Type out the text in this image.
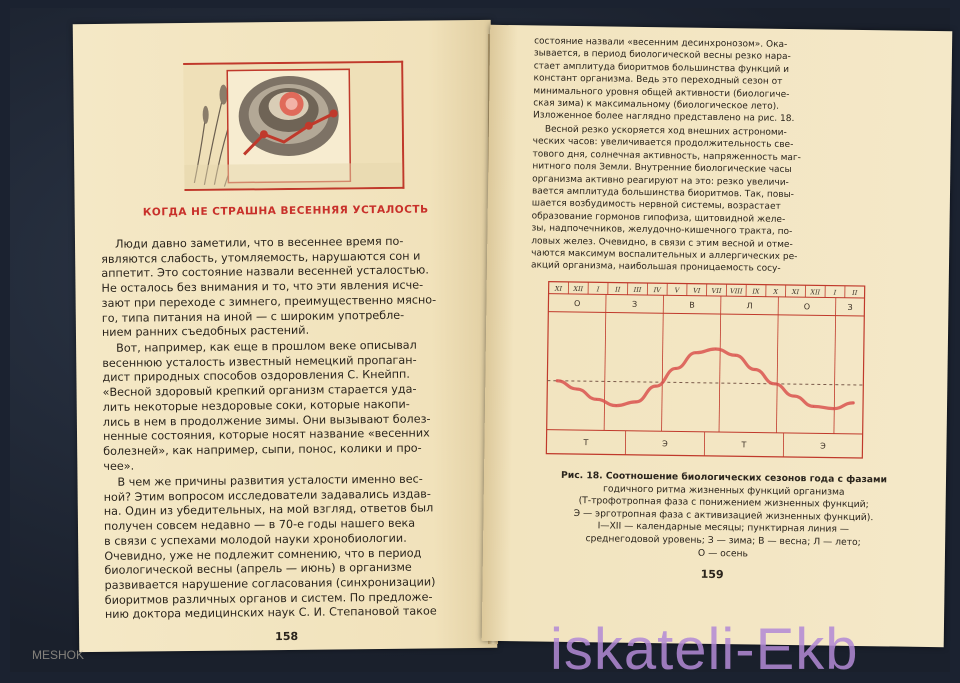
КОГДА НЕ СТРАШНА ВЕСЕННЯЯ УСТАЛОСТЬ
Люди давно заметили, что в весеннее время по-
являются слабость, утомляемость, нарушаются сон и
аппетит. Это состояние назвали весенней усталостью.
Не осталось без внимания и то, что эти явления исче-
зают при переходе с зимнего, преимущественно мясно-
го, типа питания на иной — с широким употребле-
нием ранних съедобных растений.
Вот, например, как еще в прошлом веке описывал
весеннюю усталость известный немецкий пропаган-
дист природных способов оздоровления С. Кнейпп.
«Весной здоровый крепкий организм старается уда-
лить некоторые нездоровые соки, которые накопи-
лись в нем в продолжение зимы. Они вызывают болез-
ненные состояния, которые носят название «весенних
болезней», как например, сыпи, понос, колики и про-
чее».
В чем же причины развития усталости именно вес-
ной? Этим вопросом исследователи задавались издав-
на. Один из убедительных, на мой взгляд, ответов был
получен совсем недавно — в 70-е годы нашего века
в связи с успехами молодой науки хронобиологии.
Очевидно, уже не подлежит сомнению, что в период
биологической весны (апрель — июнь) в организме
развивается нарушение согласования (синхронизации)
биоритмов различных органов и систем. По предложе-
нию доктора медицинских наук С. И. Степановой такое
158
состояние назвали «весенним десинхронозом». Ока-
зывается, в период биологической весны резко нара-
стает амплитуда биоритмов большинства функций и
констант организма. Ведь это переходный сезон от
минимального уровня общей активности (биологиче-
ская зима) к максимальному (биологическое лето).
Изложенное более наглядно представлено на рис. 18.
Весной резко ускоряется ход внешних астрономи-
ческих часов: увеличивается продолжительность све-
тового дня, солнечная активность, напряженность маг-
нитного поля Земли. Внутренние биологические часы
организма активно реагируют на это: резко увеличи-
вается амплитуда большинства биоритмов. Так, повы-
шается возбудимость нервной системы, возрастает
образование гормонов гипофиза, щитовидной желе-
зы, надпочечников, желудочно-кишечного тракта, по-
ловых желез. Очевидно, в связи с этим весной и отме-
чаются максимум воспалительных и аллергических ре-
акций организма, наибольшая проницаемость сосу-
XI XII I II III IV V VI VII VIII IX X XI XII I II
О	З	В	Л	О	З
Т	Э	Т	Э
Рис. 18. Соотношение биологических сезонов года с фазами
годичного ритма жизненных функций организма
(Т-трофотропная фаза с понижением жизненных функций;
Э — эрготропная фаза с активизацией жизненных функций).
I—XII — календарные месяцы; пунктирная линия —
среднегодовой уровень; З — зима; В — весна; Л — лето;
О — осень
159
iskateli-Ekb
MESHOK
